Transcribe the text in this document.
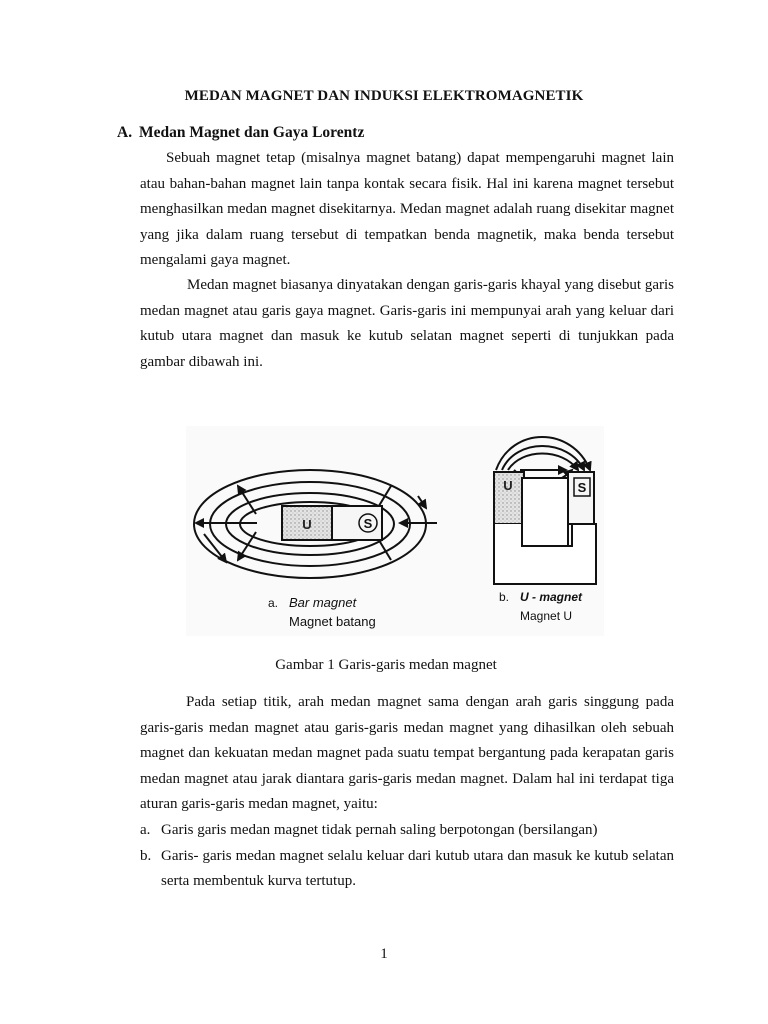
MEDAN MAGNET DAN INDUKSI ELEKTROMAGNETIK
A. Medan Magnet dan Gaya Lorentz

Sebuah magnet tetap (misalnya magnet batang) dapat mempengaruhi magnet lain atau bahan-bahan magnet lain tanpa kontak secara fisik. Hal ini karena magnet tersebut menghasilkan medan magnet disekitarnya. Medan magnet adalah ruang disekitar magnet yang jika dalam ruang tersebut di tempatkan benda magnetik, maka benda tersebut mengalami gaya magnet.

Medan magnet biasanya dinyatakan dengan garis-garis khayal yang disebut garis medan magnet atau garis gaya magnet. Garis-garis ini mempunyai arah yang keluar dari kutub utara magnet dan masuk ke kutub selatan magnet seperti di tunjukkan pada gambar dibawah ini.

U	S
U	S
a. Bar magnet
Magnet batang
b. U - magnet
Magnet U
Gambar 1 Garis-garis medan magnet

Pada setiap titik, arah medan magnet sama dengan arah garis singgung pada garis-garis medan magnet atau garis-garis medan magnet yang dihasilkan oleh sebuah magnet dan kekuatan medan magnet pada suatu tempat bergantung pada kerapatan garis medan magnet atau jarak diantara garis-garis medan magnet. Dalam hal ini terdapat tiga aturan garis-garis medan magnet, yaitu:

a. Garis garis medan magnet tidak pernah saling berpotongan (bersilangan)
b. Garis- garis medan magnet selalu keluar dari kutub utara dan masuk ke kutub selatan serta membentuk kurva tertutup.
1
